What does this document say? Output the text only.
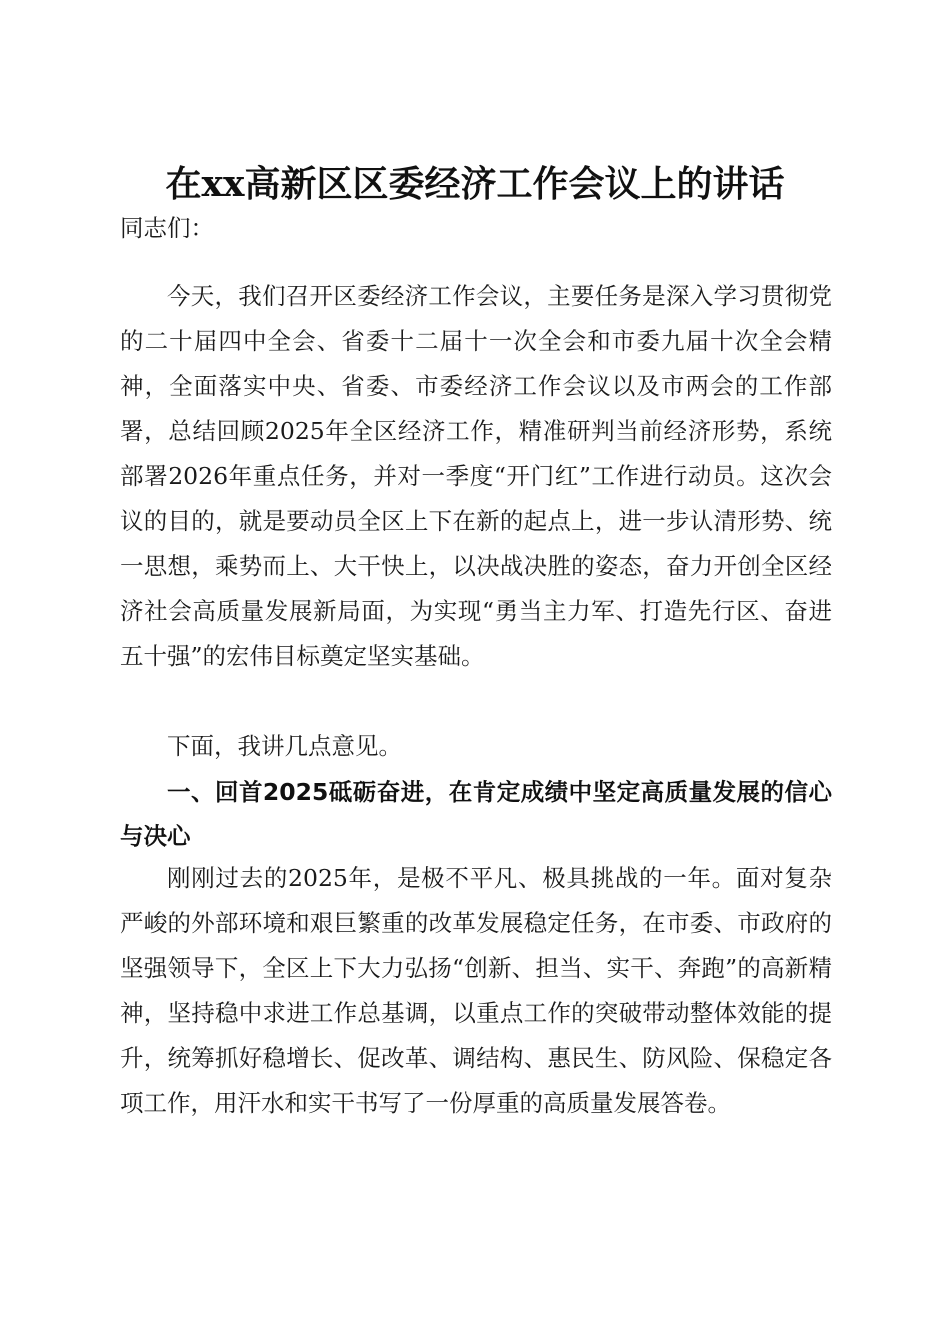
在xx高新区区委经济工作会议上的讲话

同志们：

今天，我们召开区委经济工作会议，主要任务是深入学习贯彻党的二十届四中全会、省委十二届十一次全会和市委九届十次全会精神，全面落实中央、省委、市委经济工作会议以及市两会的工作部署，总结回顾2025年全区经济工作，精准研判当前经济形势，系统部署2026年重点任务，并对一季度“开门红”工作进行动员。这次会议的目的，就是要动员全区上下在新的起点上，进一步认清形势、统一思想，乘势而上、大干快上，以决战决胜的姿态，奋力开创全区经济社会高质量发展新局面，为实现“勇当主力军、打造先行区、奋进五十强”的宏伟目标奠定坚实基础。

下面，我讲几点意见。

一、回首2025砥砺奋进，在肯定成绩中坚定高质量发展的信心与决心

刚刚过去的2025年，是极不平凡、极具挑战的一年。面对复杂严峻的外部环境和艰巨繁重的改革发展稳定任务，在市委、市政府的坚强领导下，全区上下大力弘扬“创新、担当、实干、奔跑”的高新精神，坚持稳中求进工作总基调，以重点工作的突破带动整体效能的提升，统筹抓好稳增长、促改革、调结构、惠民生、防风险、保稳定各项工作，用汗水和实干书写了一份厚重的高质量发展答卷。
